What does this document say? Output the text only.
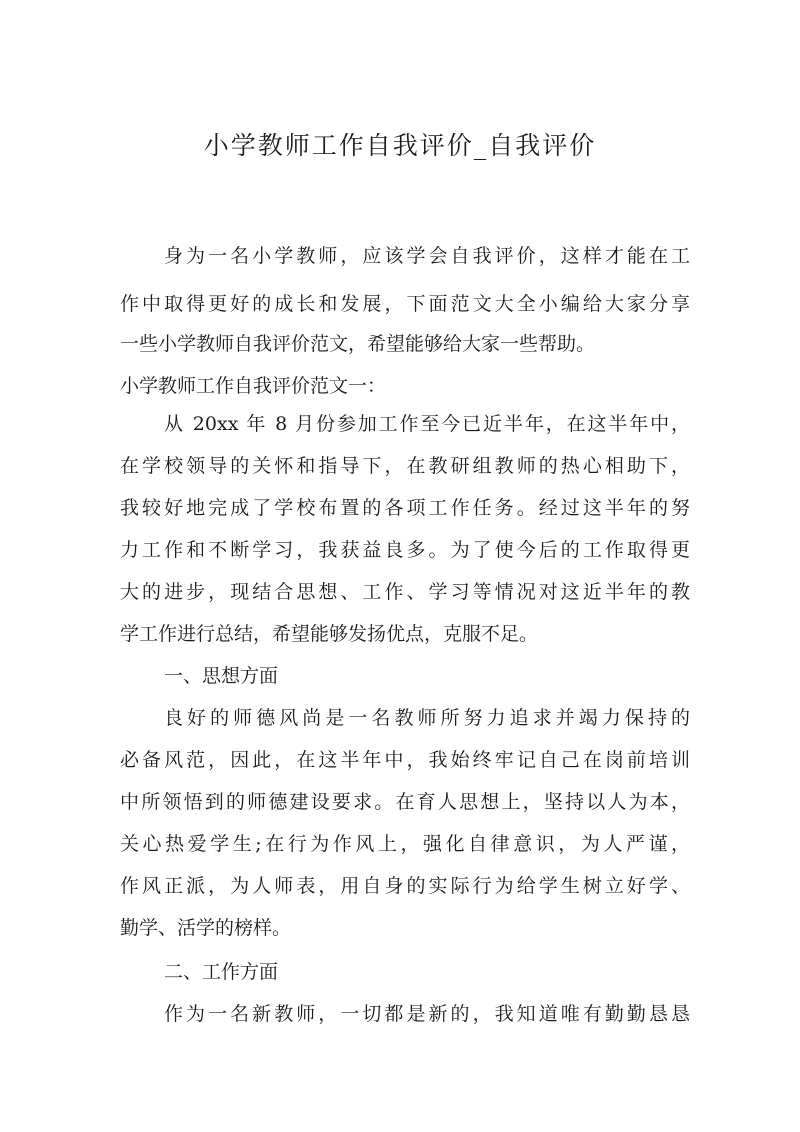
小学教师工作自我评价_自我评价
身为一名小学教师，应该学会自我评价，这样才能在工
作中取得更好的成长和发展，下面范文大全小编给大家分享
一些小学教师自我评价范文，希望能够给大家一些帮助。
小学教师工作自我评价范文一：
从 20xx 年 8 月份参加工作至今已近半年，在这半年中，
在学校领导的关怀和指导下，在教研组教师的热心相助下，
我较好地完成了学校布置的各项工作任务。经过这半年的努
力工作和不断学习，我获益良多。为了使今后的工作取得更
大的进步，现结合思想、工作、学习等情况对这近半年的教
学工作进行总结，希望能够发扬优点，克服不足。
一、思想方面
良好的师德风尚是一名教师所努力追求并竭力保持的
必备风范，因此，在这半年中，我始终牢记自己在岗前培训
中所领悟到的师德建设要求。在育人思想上，坚持以人为本，
关心热爱学生;在行为作风上，强化自律意识，为人严谨，
作风正派，为人师表，用自身的实际行为给学生树立好学、
勤学、活学的榜样。
二、工作方面
作为一名新教师，一切都是新的，我知道唯有勤勤恳恳
